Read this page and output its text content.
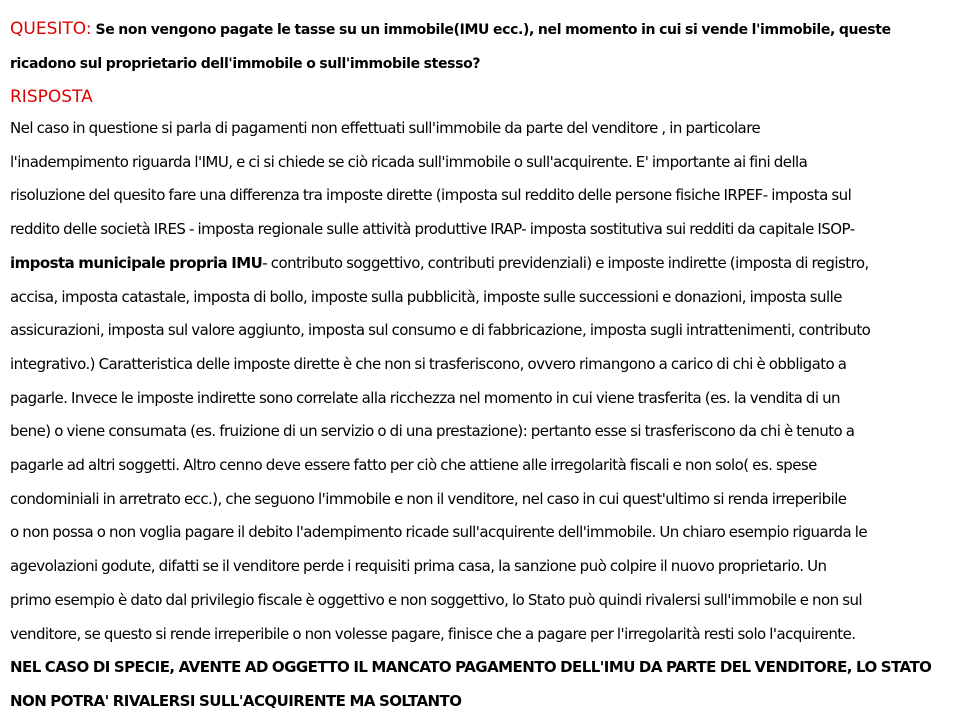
QUESITO: Se non vengono pagate le tasse su un immobile(IMU ecc.), nel momento in cui si vende l'immobile, queste
ricadono sul proprietario dell'immobile o sull'immobile stesso?
RISPOSTA
Nel caso in questione si parla di pagamenti non effettuati sull'immobile da parte del venditore , in particolare
l'inadempimento riguarda l'IMU, e ci si chiede se ciò ricada sull'immobile o sull'acquirente. E' importante ai fini della
risoluzione del quesito fare una differenza tra imposte dirette (imposta sul reddito delle persone fisiche IRPEF- imposta sul
reddito delle società IRES - imposta regionale sulle attività produttive IRAP- imposta sostitutiva sui redditi da capitale ISOP-
imposta municipale propria IMU- contributo soggettivo, contributi previdenziali) e imposte indirette (imposta di registro,
accisa, imposta catastale, imposta di bollo, imposte sulla pubblicità, imposte sulle successioni e donazioni, imposta sulle
assicurazioni, imposta sul valore aggiunto, imposta sul consumo e di fabbricazione, imposta sugli intrattenimenti, contributo
integrativo.) Caratteristica delle imposte dirette è che non si trasferiscono, ovvero rimangono a carico di chi è obbligato a
pagarle. Invece le imposte indirette sono correlate alla ricchezza nel momento in cui viene trasferita (es. la vendita di un
bene) o viene consumata (es. fruizione di un servizio o di una prestazione): pertanto esse si trasferiscono da chi è tenuto a
pagarle ad altri soggetti. Altro cenno deve essere fatto per ciò che attiene alle irregolarità fiscali e non solo( es. spese
condominiali in arretrato ecc.), che seguono l'immobile e non il venditore, nel caso in cui quest'ultimo si renda irreperibile
o non possa o non voglia pagare il debito l'adempimento ricade sull'acquirente dell'immobile. Un chiaro esempio riguarda le
agevolazioni godute, difatti se il venditore perde i requisiti prima casa, la sanzione può colpire il nuovo proprietario. Un
primo esempio è dato dal privilegio fiscale è oggettivo e non soggettivo, lo Stato può quindi rivalersi sull'immobile e non sul
venditore, se questo si rende irreperibile o non volesse pagare, finisce che a pagare per l'irregolarità resti solo l'acquirente.
NEL CASO DI SPECIE, AVENTE AD OGGETTO IL MANCATO PAGAMENTO DELL'IMU DA PARTE DEL VENDITORE, LO STATO
NON POTRA' RIVALERSI SULL'ACQUIRENTE MA SOLTANTO
